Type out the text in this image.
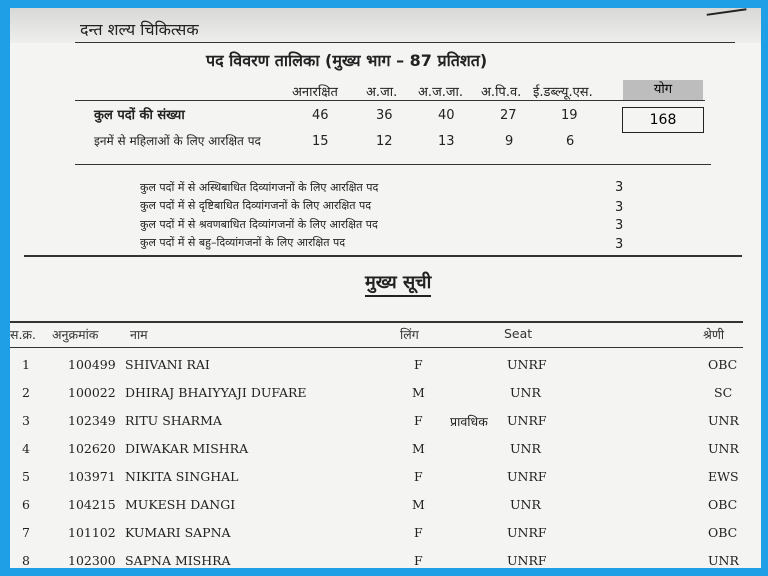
दन्त शल्य चिकित्सक
पद विवरण तालिका (मुख्य भाग – 87 प्रतिशत)
अनारक्षित अ.जा. अ.ज.जा. अ.पि.व. ई.डब्ल्यू.एस.	योग
कुल पदों की संख्या	46	36	40	27	19	168
इनमें से महिलाओं के लिए आरक्षित पद	15	12	13	9	6
कुल पदों में से अस्थिबाधित दिव्यांगजनों के लिए आरक्षित पद	3
कुल पदों में से दृष्टिबाधित दिव्यांगजनों के लिए आरक्षित पद	3
कुल पदों में से श्रवणबाधित दिव्यांगजनों के लिए आरक्षित पद	3
कुल पदों में से बहु–दिव्यांगजनों के लिए आरक्षित पद	3
मुख्य सूची
स.क्र. अनुक्रमांक	नाम	लिंग	Seat	श्रेणी
1	100499 SHIVANI RAI	F	UNRF	OBC
2	100022 DHIRAJ BHAIYYAJI DUFARE	M	UNR	SC
3	102349 RITU SHARMA	F प्रावधिक UNRF	UNR
4	102620 DIWAKAR MISHRA	M	UNR	UNR
5	103971 NIKITA SINGHAL	F	UNRF	EWS
6	104215 MUKESH DANGI	M	UNR	OBC
7	101102 KUMARI SAPNA	F	UNRF	OBC
8	102300 SAPNA MISHRA	F	UNRF	UNR
